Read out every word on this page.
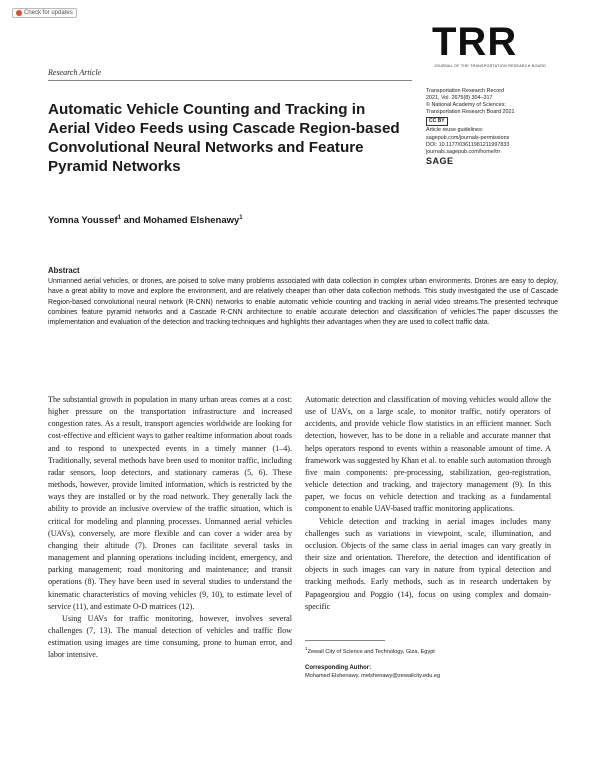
Check for updates
TRR
JOURNAL OF THE TRANSPORTATION RESEARCH BOARD
Research Article
Automatic Vehicle Counting and Tracking in Aerial Video Feeds using Cascade Region-based Convolutional Neural Networks and Feature Pyramid Networks
Transportation Research Record
2021, Vol. 2675(8) 304–317
© National Academy of Sciences:
Transportation Research Board 2021
CC BY
Article reuse guidelines:
sagepub.com/journals-permissions
DOI: 10.1177/03611981211997833
journals.sagepub.com/home/trr
SAGE
Yomna Youssef$^1$ and Mohamed Elshenawy$^1$
Abstract

Unmanned aerial vehicles, or drones, are poised to solve many problems associated with data collection in complex urban environments. Drones are easy to deploy, have a great ability to move and explore the environment, and are relatively cheaper than other data collection methods. This study investigated the use of Cascade Region-based convolutional neural network (R-CNN) networks to enable automatic vehicle counting and tracking in aerial video streams.The presented technique combines feature pyramid networks and a Cascade R-CNN architecture to enable accurate detection and classification of vehicles.The paper discusses the implementation and evaluation of the detection and tracking techniques and highlights their advantages when they are used to collect traffic data.

The substantial growth in population in many urban areas comes at a cost: higher pressure on the transportation infrastructure and increased congestion rates. As a result, transport agencies worldwide are looking for cost-effective and efficient ways to gather realtime information about roads and to respond to unexpected events in a timely manner (1–4). Traditionally, several methods have been used to monitor traffic, including radar sensors, loop detectors, and stationary cameras (5, 6). These methods, however, provide limited information, which is restricted by the ways they are installed or by the road network. They generally lack the ability to provide an inclusive overview of the traffic situation, which is critical for modeling and planning processes. Unmanned aerial vehicles (UAVs), conversely, are more flexible and can cover a wider area by changing their altitude (7). Drones can facilitate several tasks in management and planning operations including incident, emergency, and parking management; road monitoring and maintenance; and transit operations (8). They have been used in several studies to understand the kinematic characteristics of moving vehicles (9, 10), to estimate level of service (11), and estimate O-D matrices (12).

Using UAVs for traffic monitoring, however, involves several challenges (7, 13). The manual detection of vehicles and traffic flow estimation using images are time consuming, prone to human error, and labor intensive.

Automatic detection and classification of moving vehicles would allow the use of UAVs, on a large scale, to monitor traffic, notify operators of accidents, and provide vehicle flow statistics in an efficient manner. Such detection, however, has to be done in a reliable and accurate manner that helps operators respond to events within a reasonable amount of time. A framework was suggested by Khan et al. to enable such automation through five main components: pre-processing, stabilization, geo-registration, vehicle detection and tracking, and trajectory management (9). In this paper, we focus on vehicle detection and tracking as a fundamental component to enable UAV-based traffic monitoring applications.

Vehicle detection and tracking in aerial images includes many challenges such as variations in viewpoint, scale, illumination, and occlusion. Objects of the same class in aerial images can vary greatly in their size and orientation. Therefore, the detection and identification of objects in such images can vary in nature from typical detection and tracking methods. Early methods, such as in research undertaken by Papageorgiou and Poggio (14), focus on using complex and domain-specific

$^1$Zewail City of Science and Technology, Giza, Egypt
Corresponding Author:
Mohamed Elshenawy, melshenawy@zewailcity.edu.eg
